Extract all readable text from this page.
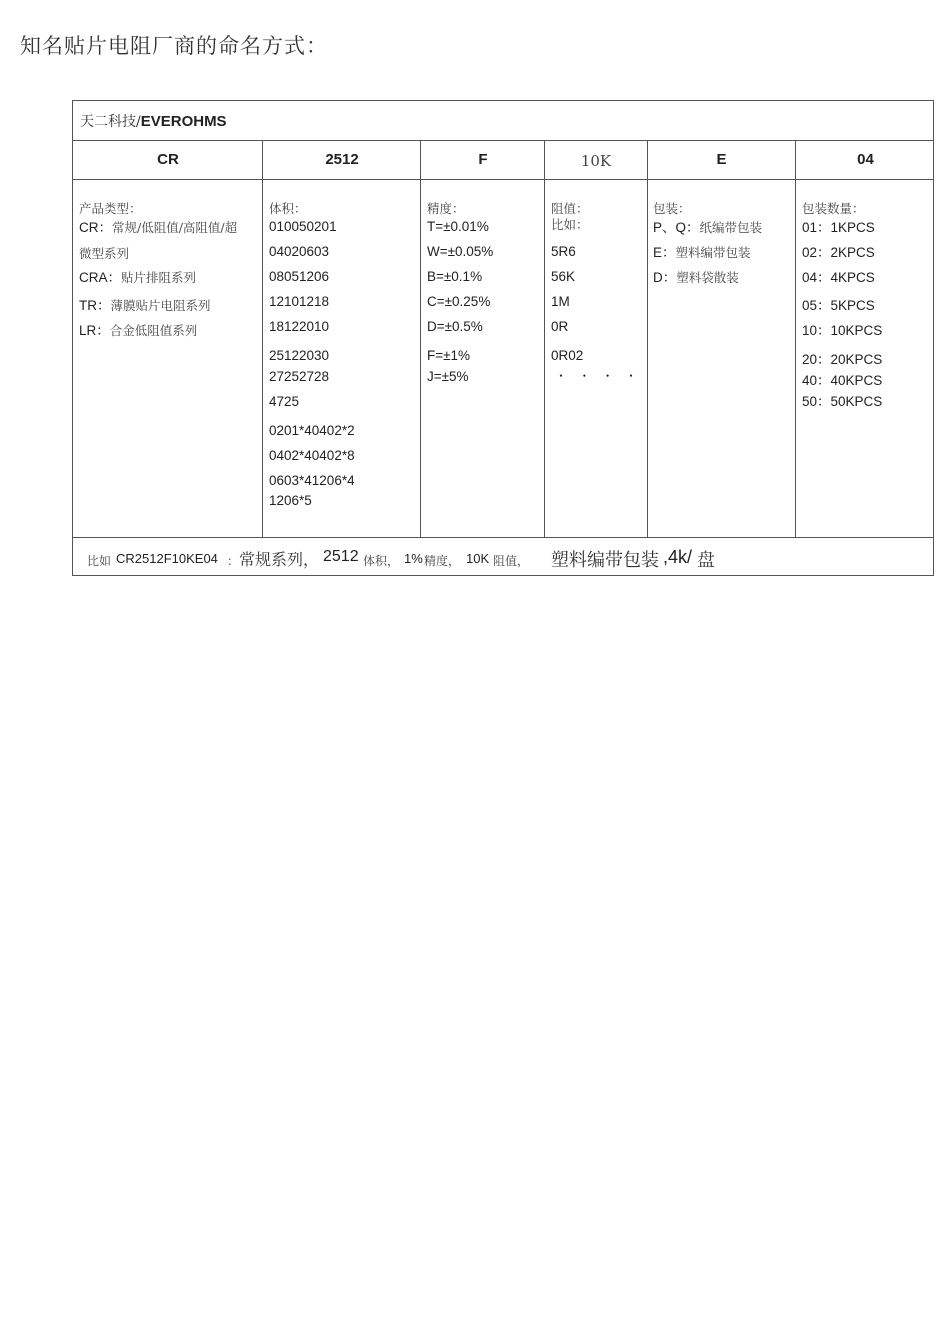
知名贴片电阻厂商的命名方式：
天二科技/EVEROHMS
CR	2512	F	10K	E	04
产品类型：
CR：常规/低阻值/高阻值/超
微型系列
CRA：贴片排阻系列
TR：薄膜贴片电阻系列
LR：合金低阻值系列
体积：
010050201
04020603
08051206
12101218
18122010
25122030
27252728
4725
0201*40402*2
0402*40402*8
0603*41206*4
1206*5
精度：
T=±0.01%
W=±0.05%
B=±0.1%
C=±0.25%
D=±0.5%
F=±1%
J=±5%
阻值：
比如：
5R6
56K
1M
0R
0R02
・ ・ ・ ・
包装：
P、Q：纸编带包装
E：塑料编带包装
D：塑料袋散装
包装数量：
01：1KPCS
02：2KPCS
04：4KPCS
05：5KPCS
10：10KPCS
20：20KPCS
40：40KPCS
50：50KPCS
比如 CR2512F10KE04 ： 常规系列， 2512 体积， 1% 精度， 10K 阻值， 塑料编带包装 ,4k/ 盘
